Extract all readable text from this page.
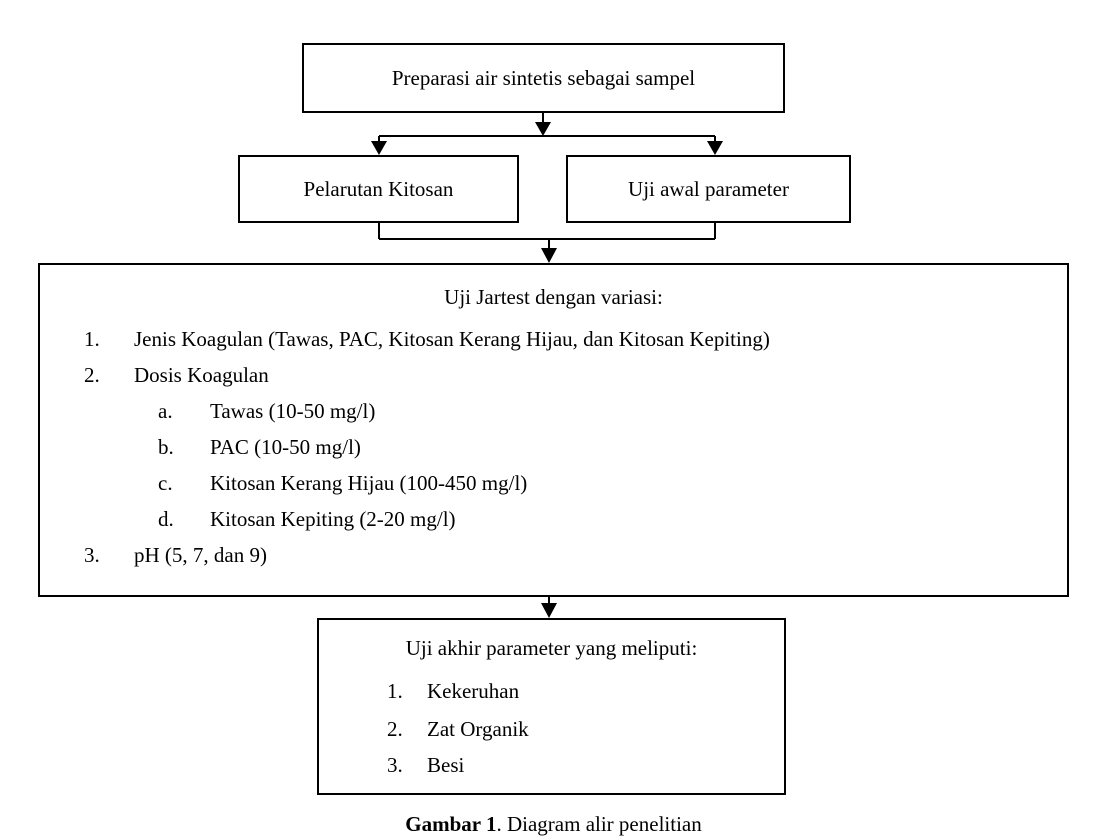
Preparasi air sintetis sebagai sampel
Pelarutan Kitosan	Uji awal parameter
Uji Jartest dengan variasi:
1. Jenis Koagulan (Tawas, PAC, Kitosan Kerang Hijau, dan Kitosan Kepiting)
2. Dosis Koagulan
a. Tawas (10-50 mg/l)
b. PAC (10-50 mg/l)
c. Kitosan Kerang Hijau (100-450 mg/l)
d. Kitosan Kepiting (2-20 mg/l)
3. pH (5, 7, dan 9)
Uji akhir parameter yang meliputi:
1. Kekeruhan
2. Zat Organik
3. Besi
Gambar 1. Diagram alir penelitian
